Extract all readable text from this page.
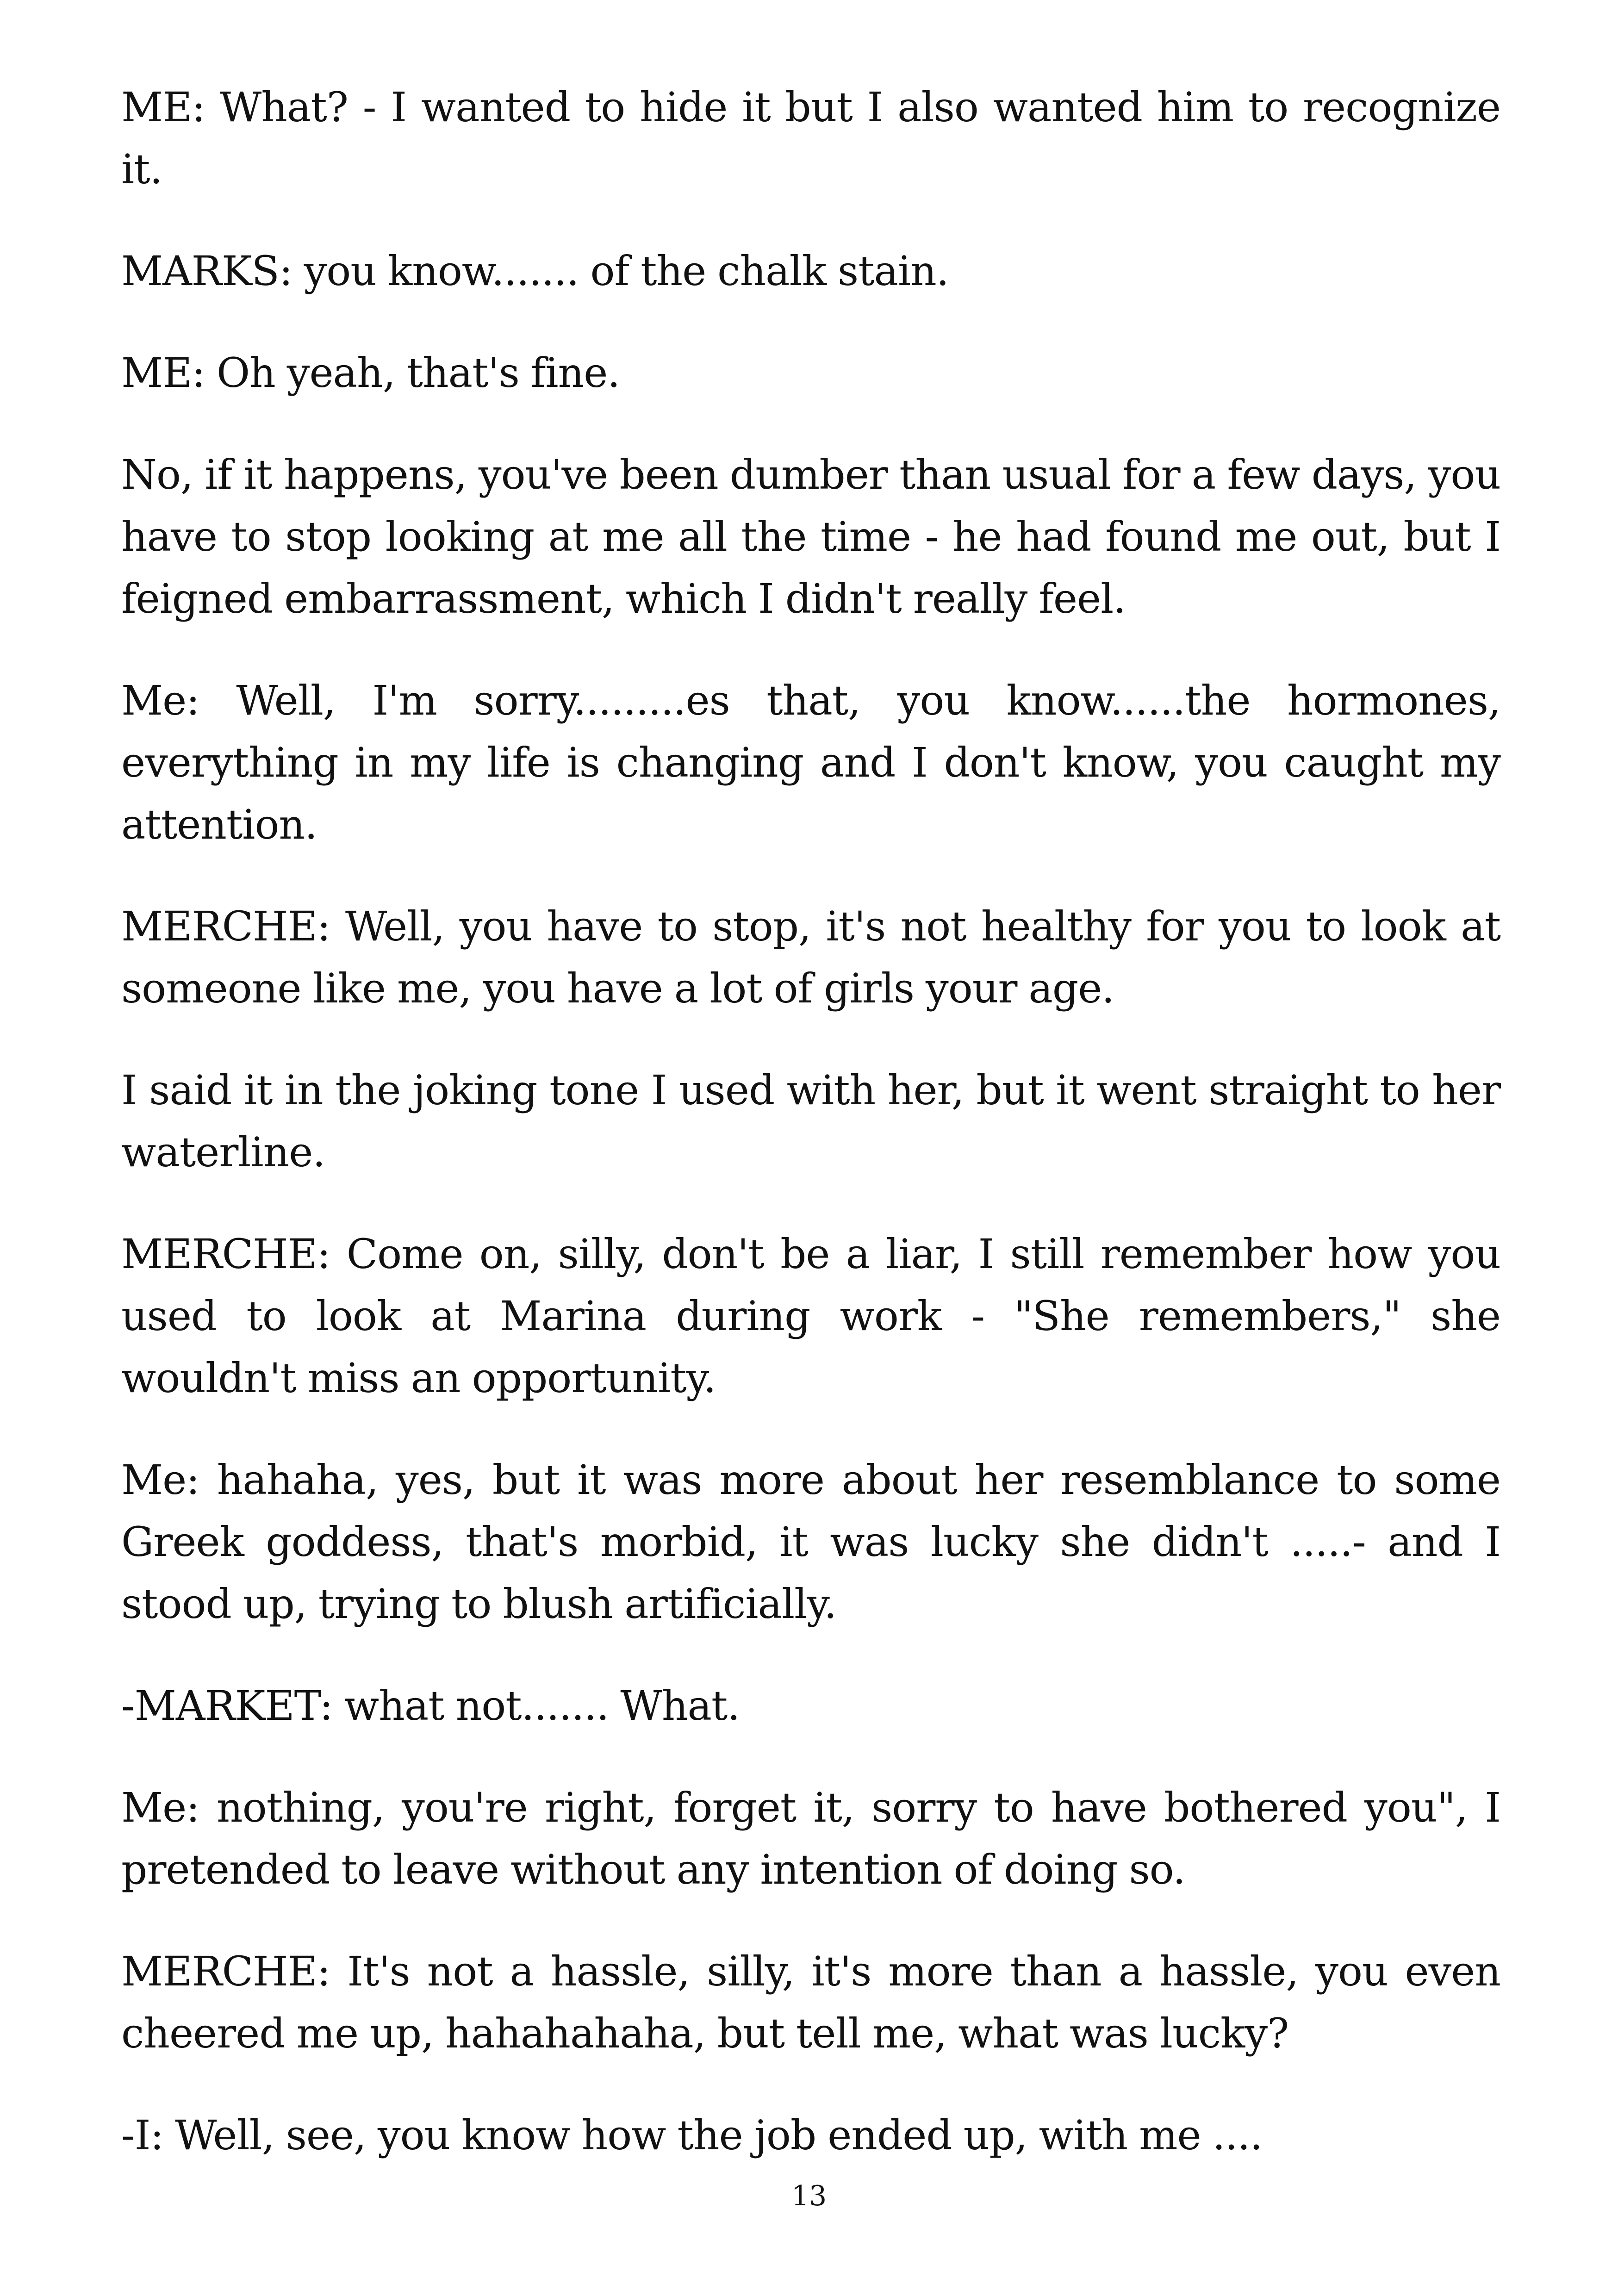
ME: What? - I wanted to hide it but I also wanted him to recognize it.

MARKS: you know....... of the chalk stain.

ME: Oh yeah, that's fine.

No, if it happens, you've been dumber than usual for a few days, you have to stop looking at me all the time - he had found me out, but I feigned embarrassment, which I didn't really feel.

Me: Well, I'm sorry.........es that, you know......the hormones, everything in my life is changing and I don't know, you caught my attention.

MERCHE: Well, you have to stop, it's not healthy for you to look at someone like me, you have a lot of girls your age.

I said it in the joking tone I used with her, but it went straight to her waterline.

MERCHE: Come on, silly, don't be a liar, I still remember how you used to look at Marina during work - "She remembers," she wouldn't miss an opportunity.

Me: hahaha, yes, but it was more about her resemblance to some Greek goddess, that's morbid, it was lucky she didn't .....- and I stood up, trying to blush artificially.

-MARKET: what not....... What.

Me: nothing, you're right, forget it, sorry to have bothered you", I pretended to leave without any intention of doing so.

MERCHE: It's not a hassle, silly, it's more than a hassle, you even cheered me up, hahahahaha, but tell me, what was lucky?

-I: Well, see, you know how the job ended up, with me ....

13
